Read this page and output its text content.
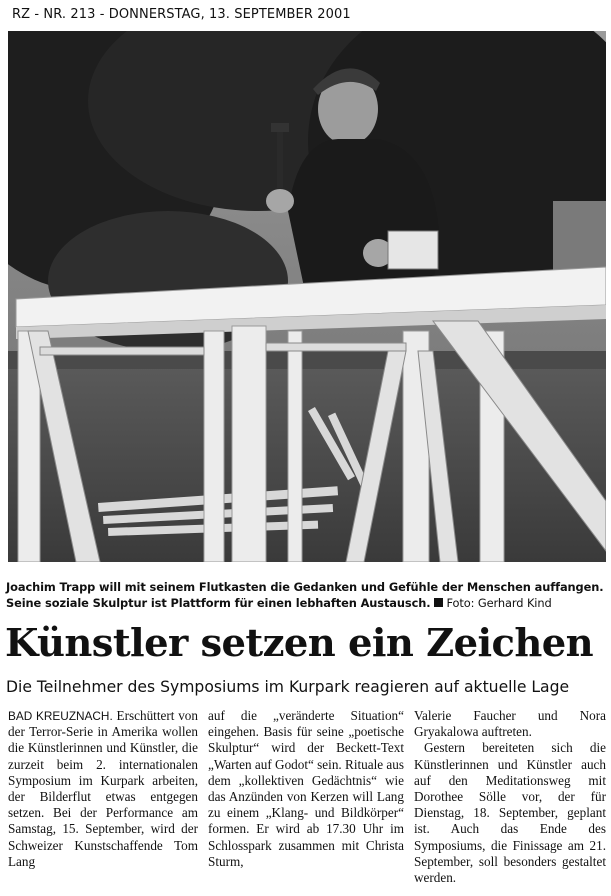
RZ - NR. 213 - DONNERSTAG, 13. SEPTEMBER 2001
Joachim Trapp will mit seinem Flutkasten die Gedanken und Gefühle der Menschen auffangen.
Seine soziale Skulptur ist Plattform für einen lebhaften Austausch. Foto: Gerhard Kind
Künstler setzen ein Zeichen
Die Teilnehmer des Symposiums im Kurpark reagieren auf aktuelle Lage

BAD KREUZNACH. Erschüttert von der Terror-Serie in Amerika wollen die Künstlerinnen und Künstler, die zurzeit beim 2. internationalen Symposium im Kurpark arbeiten, der Bilderflut etwas entgegen setzen. Bei der Performance am Samstag, 15. September, wird der Schweizer Kunstschaffende Tom Lang

auf die „veränderte Situation“ eingehen. Basis für seine „poetische Skulptur“ wird der Beckett-Text „Warten auf Godot“ sein. Rituale aus dem „kollektiven Gedächtnis“ wie das Anzünden von Kerzen will Lang zu einem „Klang- und Bildkörper“ formen. Er wird ab 17.30 Uhr im Schlosspark zusammen mit Christa Sturm,

Valerie Faucher und Nora Gryakalowa auftreten.

Gestern bereiteten sich die Künstlerinnen und Künstler auch auf den Meditationsweg mit Dorothee Sölle vor, der für Dienstag, 18. September, geplant ist. Auch das Ende des Symposiums, die Finissage am 21. September, soll besonders gestaltet werden.
